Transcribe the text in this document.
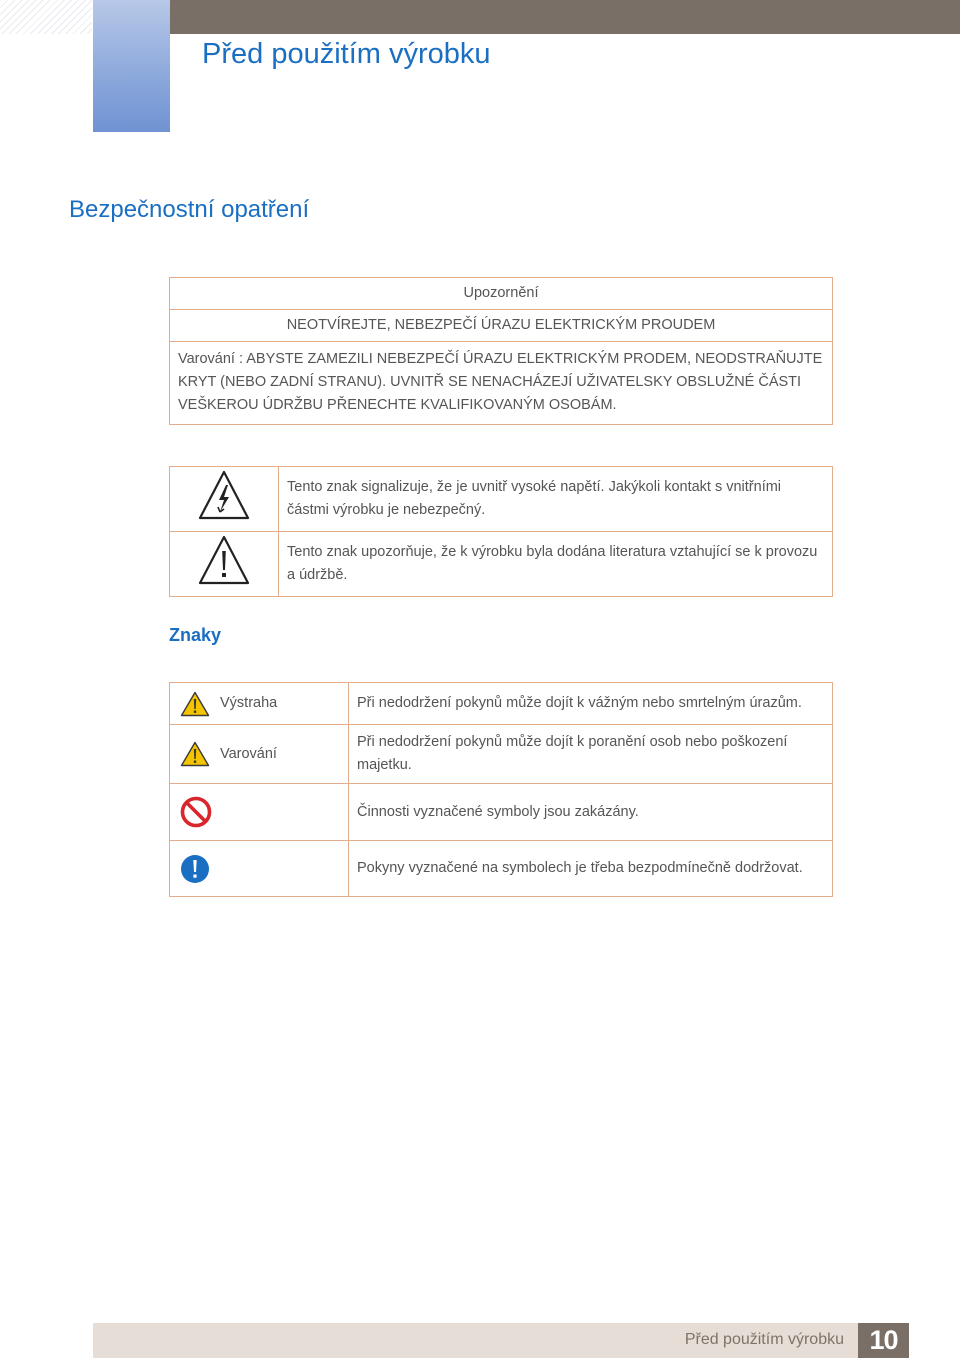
Před použitím výrobku
Bezpečnostní opatření
Upozornění
NEOTVÍREJTE, NEBEZPEČÍ ÚRAZU ELEKTRICKÝM PROUDEM
Varování : ABYSTE ZAMEZILI NEBEZPEČÍ ÚRAZU ELEKTRICKÝM PRODEM, NEODSTRAŇUJTE KRYT (NEBO ZADNÍ STRANU). UVNITŘ SE NENACHÁZEJÍ UŽIVATELSKY OBSLUŽNÉ ČÁSTI VEŠKEROU ÚDRŽBU PŘENECHTE KVALIFIKOVANÝM OSOBÁM.
	Tento znak signalizuje, že je uvnitř vysoké napětí. Jakýkoli kontakt s vnitřními částmi výrobku je nebezpečný.
	Tento znak upozorňuje, že k výrobku byla dodána literatura vztahující se k provozu a údržbě.
Znaky
Výstraha	Při nedodržení pokynů může dojít k vážným nebo smrtelným úrazům.

Varování	Při nedodržení pokynů může dojít k poranění osob nebo poškození majetku.

	Činnosti vyznačené symboly jsou zakázány.

	Pokyny vyznačené na symbolech je třeba bezpodmínečně dodržovat.
Před použitím výrobku 10
